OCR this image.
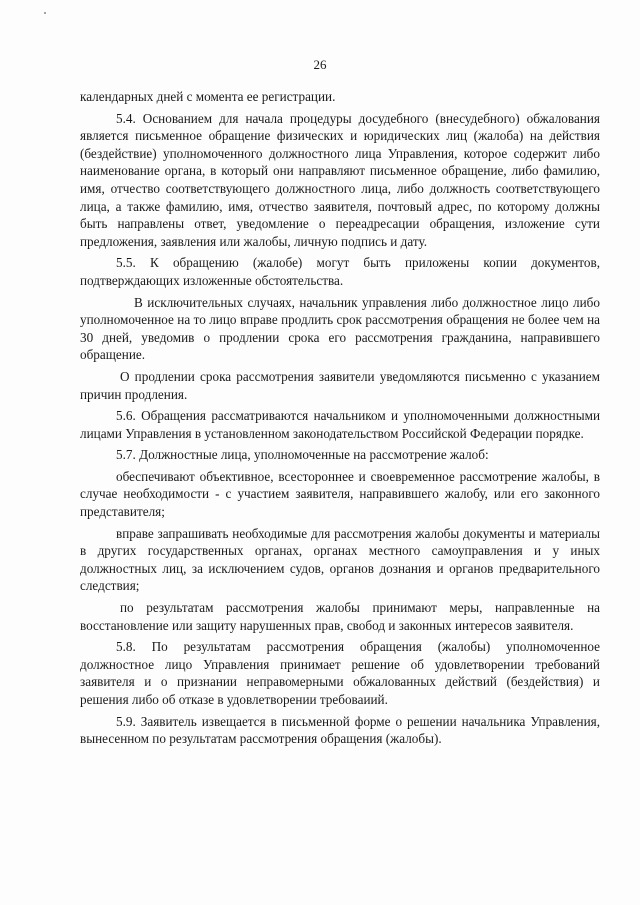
26

календарных дней с момента ее регистрации.

5.4. Основанием для начала процедуры досудебного (внесудебного) обжалования является письменное обращение физических и юридических лиц (жалоба) на действия (бездействие) уполномоченного должностного лица Управления, которое содержит либо наименование органа, в который они направляют письменное обращение, либо фамилию, имя, отчество соответствующего должностного лица, либо должность соответствующего лица, а также фамилию, имя, отчество заявителя, почтовый адрес, по которому должны быть направлены ответ, уведомление о переадресации обращения, изложение сути предложения, заявления или жалобы, личную подпись и дату.

5.5. К обращению (жалобе) могут быть приложены копии документов, подтверждающих изложенные обстоятельства.

В исключительных случаях, начальник управления либо должностное лицо либо уполномоченное на то лицо вправе продлить срок рассмотрения обращения не более чем на 30 дней, уведомив о продлении срока его рассмотрения гражданина, направившего обращение.

О продлении срока рассмотрения заявители уведомляются письменно с указанием причин продления.

5.6. Обращения рассматриваются начальником и уполномоченными должностными лицами Управления в установленном законодательством Российской Федерации порядке.

5.7. Должностные лица, уполномоченные на рассмотрение жалоб:

обеспечивают объективное, всестороннее и своевременное рассмотрение жалобы, в случае необходимости - с участием заявителя, направившего жалобу, или его законного представителя;

вправе запрашивать необходимые для рассмотрения жалобы документы и материалы в других государственных органах, органах местного самоуправления и у иных должностных лиц, за исключением судов, органов дознания и органов предварительного следствия;

по результатам рассмотрения жалобы принимают меры, направленные на восстановление или защиту нарушенных прав, свобод и законных интересов заявителя.

5.8. По результатам рассмотрения обращения (жалобы) уполномоченное должностное лицо Управления принимает решение об удовлетворении требований заявителя и о признании неправомерными обжалованных действий (бездействия) и решения либо об отказе в удовлетворении требоваиий.

5.9. Заявитель извещается в письменной форме о решении начальника Управления, вынесенном по результатам рассмотрения обращения (жалобы).
